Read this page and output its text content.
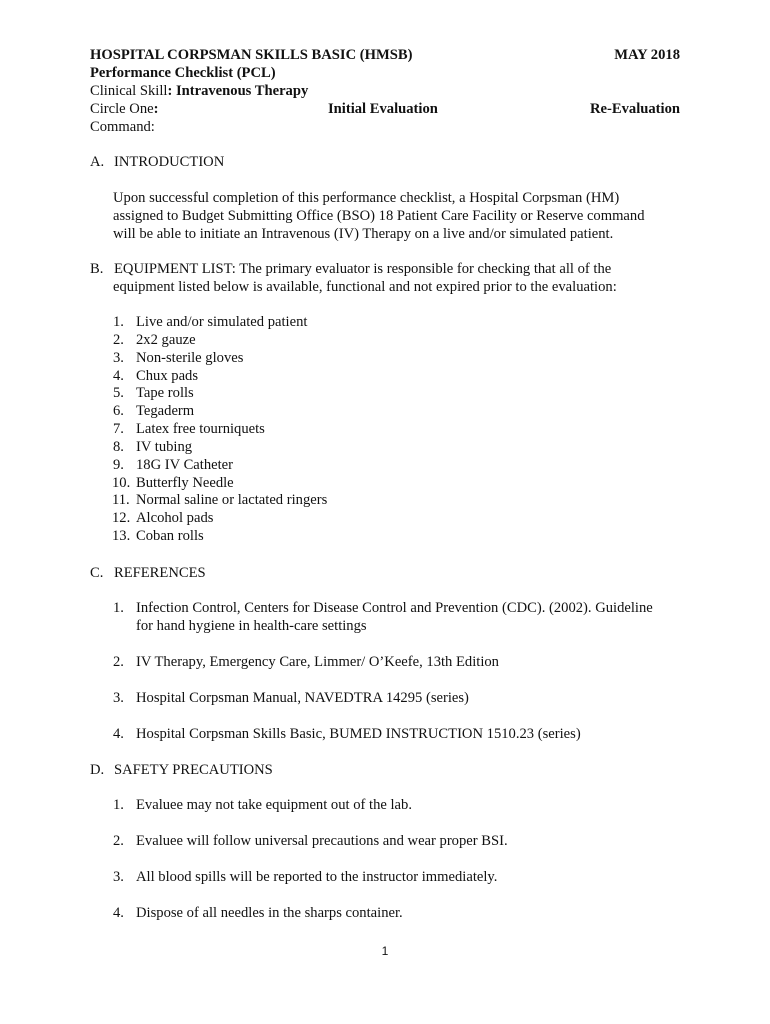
HOSPITAL CORPSMAN SKILLS BASIC (HMSB)	MAY 2018
Performance Checklist (PCL)
Clinical Skill: Intravenous Therapy
Circle One:	Initial Evaluation	Re-Evaluation
Command:
A. INTRODUCTION
Upon successful completion of this performance checklist, a Hospital Corpsman (HM)
assigned to Budget Submitting Office (BSO) 18 Patient Care Facility or Reserve command
will be able to initiate an Intravenous (IV) Therapy on a live and/or simulated patient.
B. EQUIPMENT LIST: The primary evaluator is responsible for checking that all of the
equipment listed below is available, functional and not expired prior to the evaluation:
1. Live and/or simulated patient
2. 2x2 gauze
3. Non-sterile gloves
4. Chux pads
5. Tape rolls
6. Tegaderm
7. Latex free tourniquets
8. IV tubing
9. 18G IV Catheter
10. Butterfly Needle
11. Normal saline or lactated ringers
12. Alcohol pads
13. Coban rolls
C. REFERENCES
1. Infection Control, Centers for Disease Control and Prevention (CDC). (2002). Guideline
for hand hygiene in health-care settings
2. IV Therapy, Emergency Care, Limmer/ O’Keefe, 13th Edition
3. Hospital Corpsman Manual, NAVEDTRA 14295 (series)
4. Hospital Corpsman Skills Basic, BUMED INSTRUCTION 1510.23 (series)
D. SAFETY PRECAUTIONS
1. Evaluee may not take equipment out of the lab.
2. Evaluee will follow universal precautions and wear proper BSI.
3. All blood spills will be reported to the instructor immediately.
4. Dispose of all needles in the sharps container.
1
